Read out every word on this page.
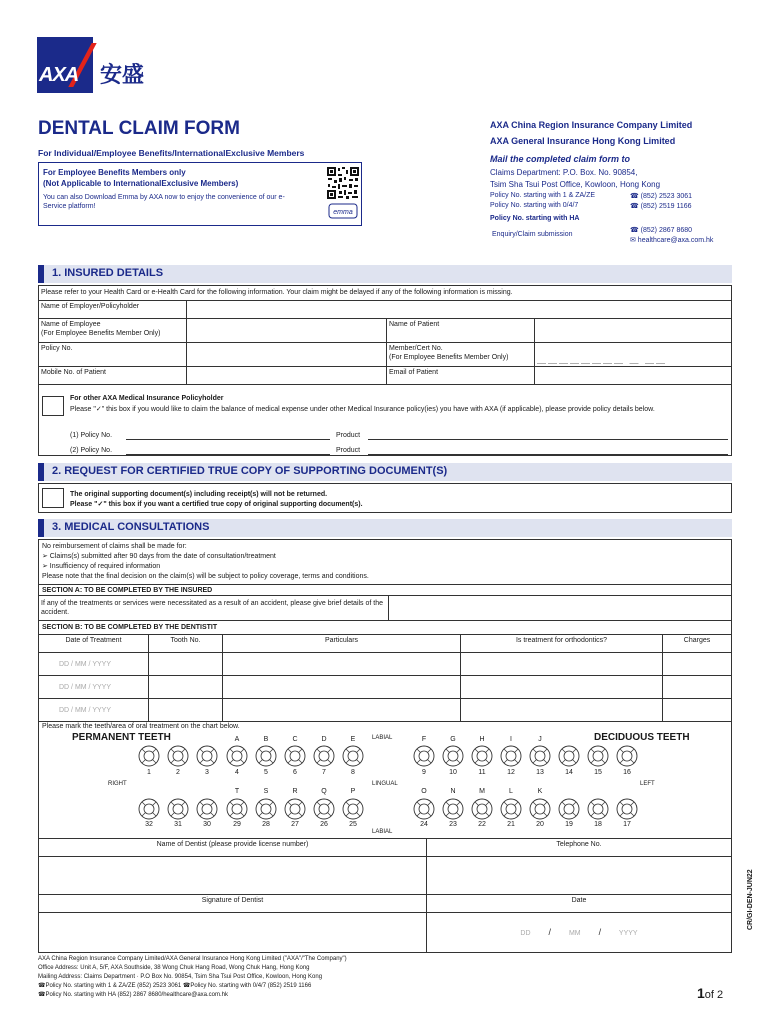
AXA 安盛
DENTAL CLAIM FORM
For Individual/Employee Benefits/InternationalExclusive Members
For Employee Benefits Members only
(Not Applicable to InternationalExclusive Members)
You can also Download Emma by AXA now to enjoy the convenience of our e-Service platform!
emma
AXA China Region Insurance Company Limited
AXA General Insurance Hong Kong Limited
Mail the completed claim form to
Claims Department: P.O. Box. No. 90854,
Tsim Sha Tsui Post Office, Kowloon, Hong Kong
Policy No. starting with 1 & ZA/ZE	☎ (852) 2523 3061
Policy No. starting with 0/4/7	☎ (852) 2519 1166
Policy No. starting with HA
☎ (852) 2867 8680
Enquiry/Claim submission
✉ healthcare@axa.com.hk
1. INSURED DETAILS
Please refer to your Health Card or e-Health Card for the following information. Your claim might be delayed if any of the following information is missing.
Name of Employer/Policyholder			
Name of Employee
(For Employee Benefits Member Only)		Name of Patient	
Policy No.		Member/Cert No.
(For Employee Benefits Member Only)	＿＿＿＿＿＿＿＿ ＿ ＿＿
Mobile No. of Patient		Email of Patient	
For other AXA Medical Insurance Policyholder
Please "✓" this box if you would like to claim the balance of medical expense under other Medical Insurance policy(ies) you have with AXA (if applicable), please provide policy details below.
(1) Policy No.	Product
(2) Policy No.	Product
2. REQUEST FOR CERTIFIED TRUE COPY OF SUPPORTING DOCUMENT(S)
The original supporting document(s) including receipt(s) will not be returned.
Please "✓" this box if you want a certified true copy of original supporting document(s).
3. MEDICAL CONSULTATIONS
No reimbursement of claims shall be made for:
➢ Claims(s) submitted after 90 days from the date of consultation/treatment
➢ Insufficiency of required information
Please note that the final decision on the claim(s) will be subject to policy coverage, terms and conditions.
SECTION A: TO BE COMPLETED BY THE INSURED
If any of the treatments or services were necessitated as a result of an accident, please give brief details of the accident.
SECTION B: TO BE COMPLETED BY THE DENTISTIT
Date of Treatment	Tooth No.	Particulars	Is treatment for orthodontics?	Charges
DD / MM / YYYY				
DD / MM / YYYY				
DD / MM / YYYY				
Please mark the teeth/area of oral treatment on the chart below.
PERMANENT TEETH	DECIDUOUS TEETH
LABIAL
LINGUAL
LABIAL
RIGHT	LEFT
1	2	3	4	5	6	7	8	9	10	11	12	13	14	15	16
32	31	30	29	28	27	26	25	24	23	22	21	20	19	18	17
A	B	C	D	E	F	G	H	I	J
T	S	R	Q	P	O	N	M	L	K
Name of Dentist (please provide license number)	Telephone No.

Signature of Dentist	Date
	DD / MM / YYYY
AXA China Region Insurance Company Limited/AXA General Insurance Hong Kong Limited ("AXA"/"The Company")
Office Address: Unit A, 5/F, AXA Southside, 38 Wong Chuk Hang Road, Wong Chuk Hang, Hong Kong
Mailing Address: Claims Department · P.O Box No. 90854, Tsim Sha Tsui Post Office, Kowloon, Hong Kong
☎Policy No. starting with 1 & ZA/ZE (852) 2523 3061 ☎Policy No. starting with 0/4/7 (852) 2519 1166
☎Policy No. starting with HA (852) 2867 8680/healthcare@axa.com.hk	1of 2
CR/GI-DEN-JUN22
